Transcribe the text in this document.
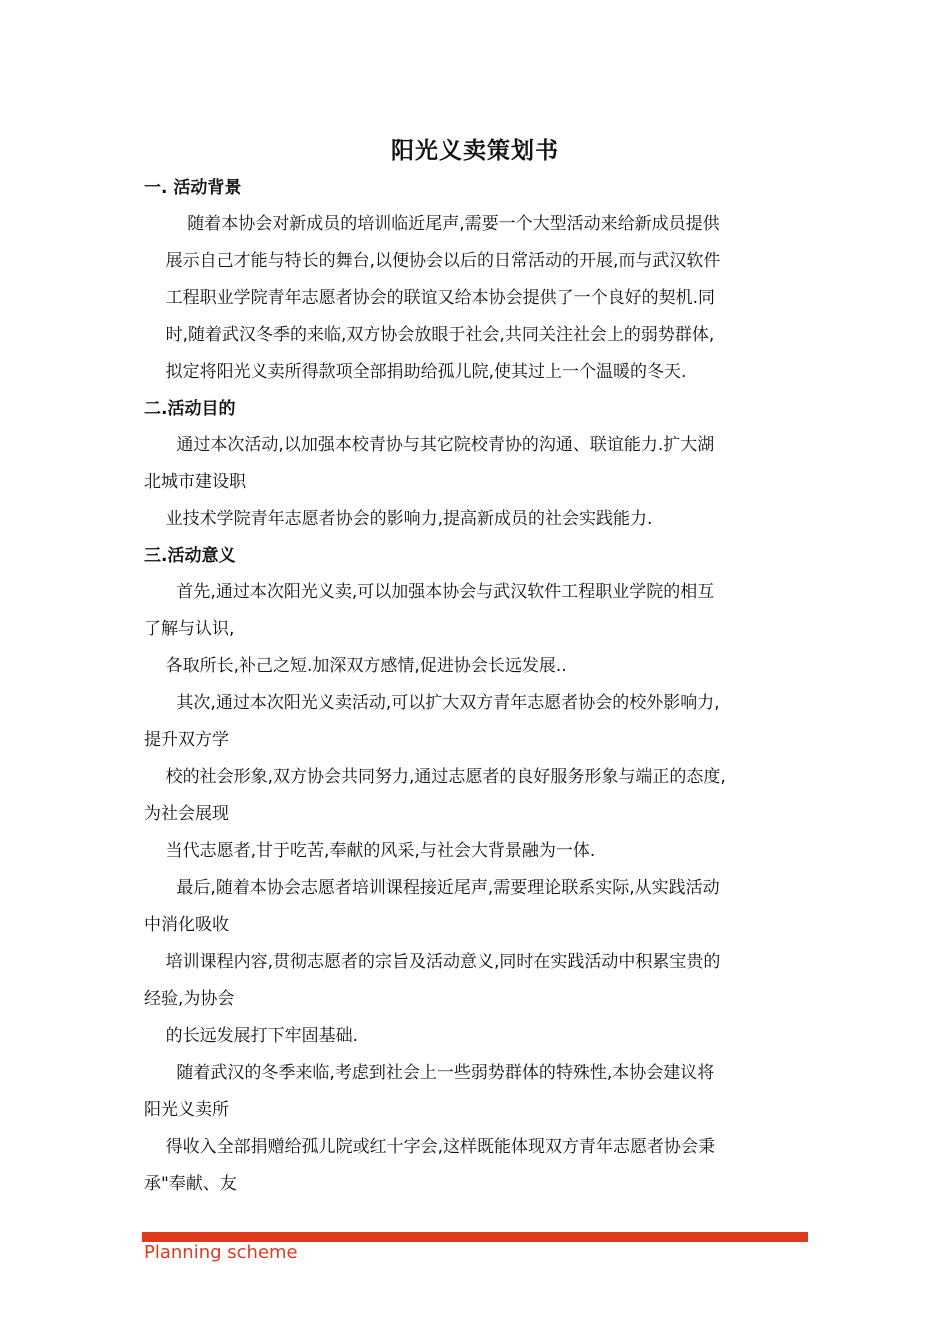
阳光义卖策划书
一. 活动背景
随着本协会对新成员的培训临近尾声,需要一个大型活动来给新成员提供
展示自己才能与特长的舞台,以便协会以后的日常活动的开展,而与武汉软件
工程职业学院青年志愿者协会的联谊又给本协会提供了一个良好的契机.同
时,随着武汉冬季的来临,双方协会放眼于社会,共同关注社会上的弱势群体,
拟定将阳光义卖所得款项全部捐助给孤儿院,使其过上一个温暖的冬天.
二.活动目的
通过本次活动,以加强本校青协与其它院校青协的沟通、联谊能力.扩大湖
北城市建设职
业技术学院青年志愿者协会的影响力,提高新成员的社会实践能力.
三.活动意义
首先,通过本次阳光义卖,可以加强本协会与武汉软件工程职业学院的相互
了解与认识,
各取所长,补己之短.加深双方感情,促进协会长远发展..
其次,通过本次阳光义卖活动,可以扩大双方青年志愿者协会的校外影响力,
提升双方学
校的社会形象,双方协会共同努力,通过志愿者的良好服务形象与端正的态度,
为社会展现
当代志愿者,甘于吃苦,奉献的风采,与社会大背景融为一体.
最后,随着本协会志愿者培训课程接近尾声,需要理论联系实际,从实践活动
中消化吸收
培训课程内容,贯彻志愿者的宗旨及活动意义,同时在实践活动中积累宝贵的
经验,为协会
的长远发展打下牢固基础.
随着武汉的冬季来临,考虑到社会上一些弱势群体的特殊性,本协会建议将
阳光义卖所
得收入全部捐赠给孤儿院或红十字会,这样既能体现双方青年志愿者协会秉
承"奉献、友
Planning scheme
